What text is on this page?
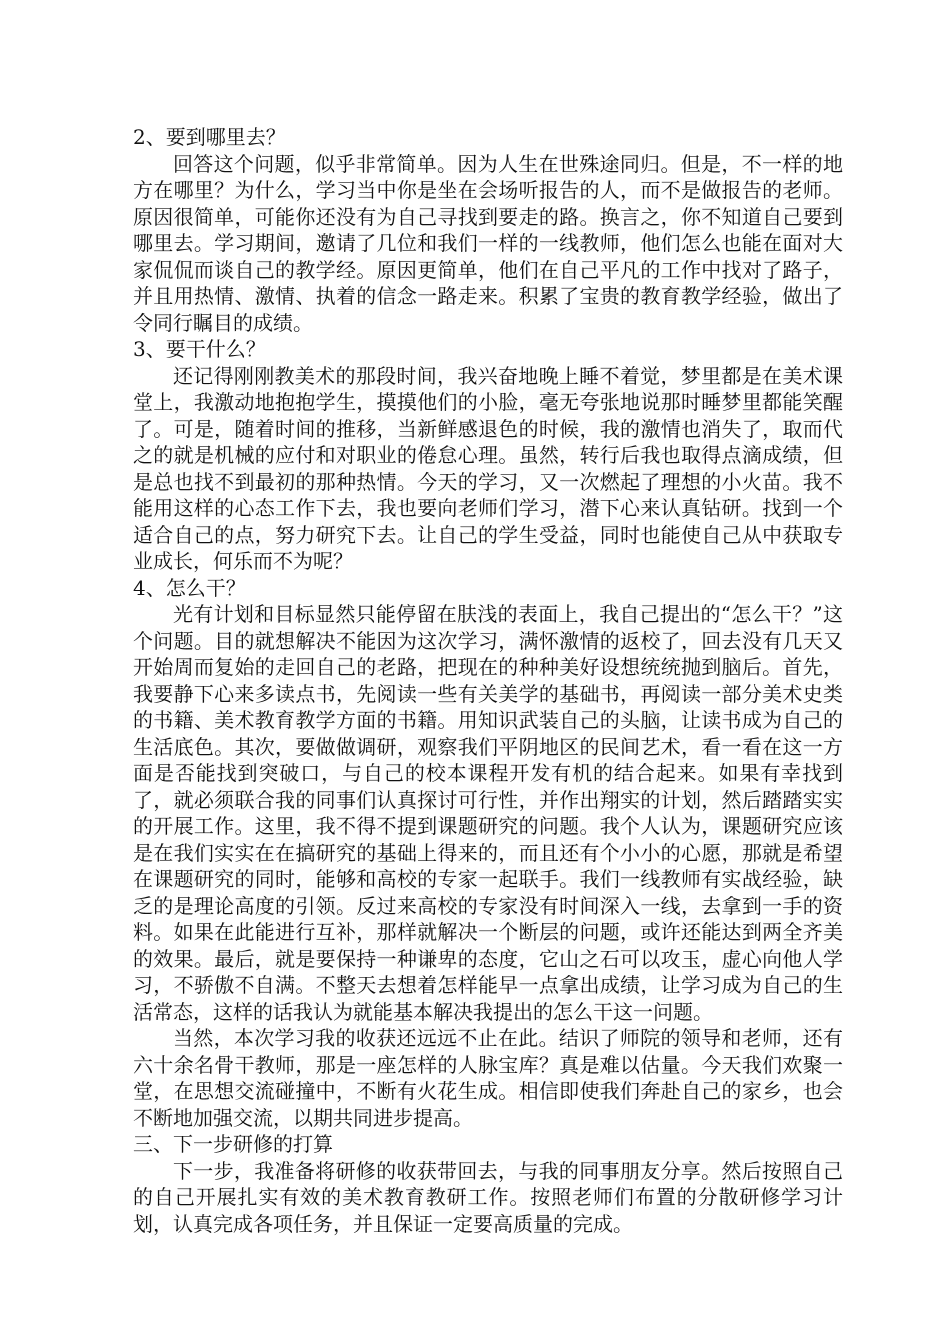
2、要到哪里去？

回答这个问题，似乎非常简单。因为人生在世殊途同归。但是，不一样的地方在哪里？为什么，学习当中你是坐在会场听报告的人，而不是做报告的老师。原因很简单，可能你还没有为自己寻找到要走的路。换言之，你不知道自己要到哪里去。学习期间，邀请了几位和我们一样的一线教师，他们怎么也能在面对大家侃侃而谈自己的教学经。原因更简单，他们在自己平凡的工作中找对了路子，并且用热情、激情、执着的信念一路走来。积累了宝贵的教育教学经验，做出了令同行瞩目的成绩。

3、要干什么？

还记得刚刚教美术的那段时间，我兴奋地晚上睡不着觉，梦里都是在美术课堂上，我激动地抱抱学生，摸摸他们的小脸，毫无夸张地说那时睡梦里都能笑醒了。可是，随着时间的推移，当新鲜感退色的时候，我的激情也消失了，取而代之的就是机械的应付和对职业的倦怠心理。虽然，转行后我也取得点滴成绩，但是总也找不到最初的那种热情。今天的学习，又一次燃起了理想的小火苗。我不能用这样的心态工作下去，我也要向老师们学习，潜下心来认真钻研。找到一个适合自己的点，努力研究下去。让自己的学生受益，同时也能使自己从中获取专业成长，何乐而不为呢？

4、怎么干？

光有计划和目标显然只能停留在肤浅的表面上，我自己提出的“怎么干？”这个问题。目的就想解决不能因为这次学习，满怀激情的返校了，回去没有几天又开始周而复始的走回自己的老路，把现在的种种美好设想统统抛到脑后。首先，我要静下心来多读点书，先阅读一些有关美学的基础书，再阅读一部分美术史类的书籍、美术教育教学方面的书籍。用知识武装自己的头脑，让读书成为自己的生活底色。其次，要做做调研，观察我们平阴地区的民间艺术，看一看在这一方面是否能找到突破口，与自己的校本课程开发有机的结合起来。如果有幸找到了，就必须联合我的同事们认真探讨可行性，并作出翔实的计划，然后踏踏实实的开展工作。这里，我不得不提到课题研究的问题。我个人认为，课题研究应该是在我们实实在在搞研究的基础上得来的，而且还有个小小的心愿，那就是希望在课题研究的同时，能够和高校的专家一起联手。我们一线教师有实战经验，缺乏的是理论高度的引领。反过来高校的专家没有时间深入一线，去拿到一手的资料。如果在此能进行互补，那样就解决一个断层的问题，或许还能达到两全齐美的效果。最后，就是要保持一种谦卑的态度，它山之石可以攻玉，虚心向他人学习，不骄傲不自满。不整天去想着怎样能早一点拿出成绩，让学习成为自己的生活常态，这样的话我认为就能基本解决我提出的怎么干这一问题。

当然，本次学习我的收获还远远不止在此。结识了师院的领导和老师，还有六十余名骨干教师，那是一座怎样的人脉宝库？真是难以估量。今天我们欢聚一堂，在思想交流碰撞中，不断有火花生成。相信即使我们奔赴自己的家乡，也会不断地加强交流，以期共同进步提高。

三、下一步研修的打算

下一步，我准备将研修的收获带回去，与我的同事朋友分享。然后按照自己的自己开展扎实有效的美术教育教研工作。按照老师们布置的分散研修学习计划，认真完成各项任务，并且保证一定要高质量的完成。
